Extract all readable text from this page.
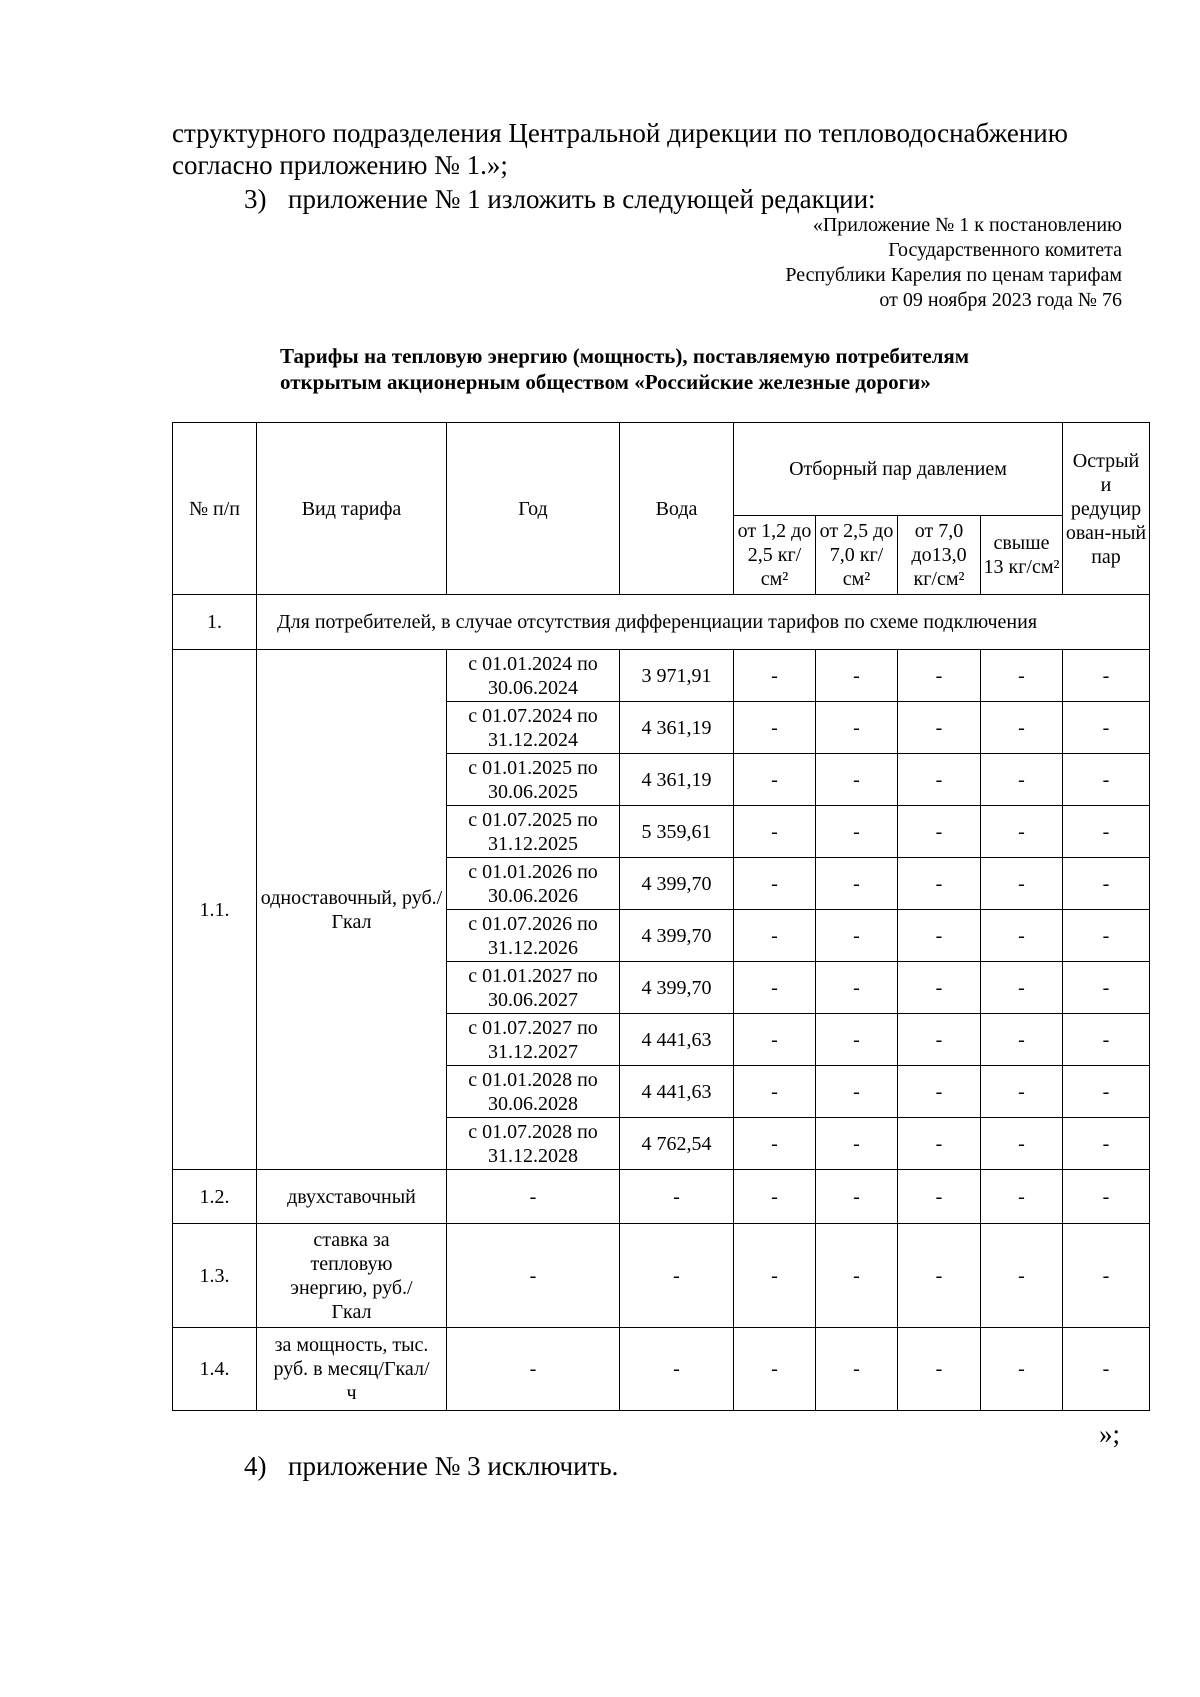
структурного подразделения Центральной дирекции по тепловодоснабжению
согласно приложению № 1.»;
3) приложение № 1 изложить в следующей редакции:
«Приложение № 1 к постановлению
Государственного комитета
Республики Карелия по ценам тарифам
от 09 ноября 2023 года № 76
Тарифы на тепловую энергию (мощность), поставляемую потребителям
открытым акционерным обществом «Российские железные дороги»
№ п/п	Вид тарифа	Год	Вода	Отборный пар давлением				Острый и редуцир ован-ный пар
				от 1,2 до 2,5 кг/см²	от 2,5 до 7,0 кг/см²	от 7,0 до13,0 кг/см²	свыше 13 кг/см²	
1.	Для потребителей, в случае отсутствия дифференциации тарифов по схеме подключения							
1.1.	одноставочный, руб./Гкал	с 01.01.2024 по 30.06.2024	3 971,91	-	-	-	-	-
		с 01.07.2024 по 31.12.2024	4 361,19	-	-	-	-	-
		с 01.01.2025 по 30.06.2025	4 361,19	-	-	-	-	-
		с 01.07.2025 по 31.12.2025	5 359,61	-	-	-	-	-
		с 01.01.2026 по 30.06.2026	4 399,70	-	-	-	-	-
		с 01.07.2026 по 31.12.2026	4 399,70	-	-	-	-	-
		с 01.01.2027 по 30.06.2027	4 399,70	-	-	-	-	-
		с 01.07.2027 по 31.12.2027	4 441,63	-	-	-	-	-
		с 01.01.2028 по 30.06.2028	4 441,63	-	-	-	-	-
		с 01.07.2028 по 31.12.2028	4 762,54	-	-	-	-	-
1.2.	двухставочный	-	-	-	-	-	-	-
1.3.	ставка за тепловую энергию, руб./Гкал	-	-	-	-	-	-	-
1.4.	за мощность, тыс. руб. в месяц/Гкал/ч	-	-	-	-	-	-	-
»;
4) приложение № 3 исключить.
